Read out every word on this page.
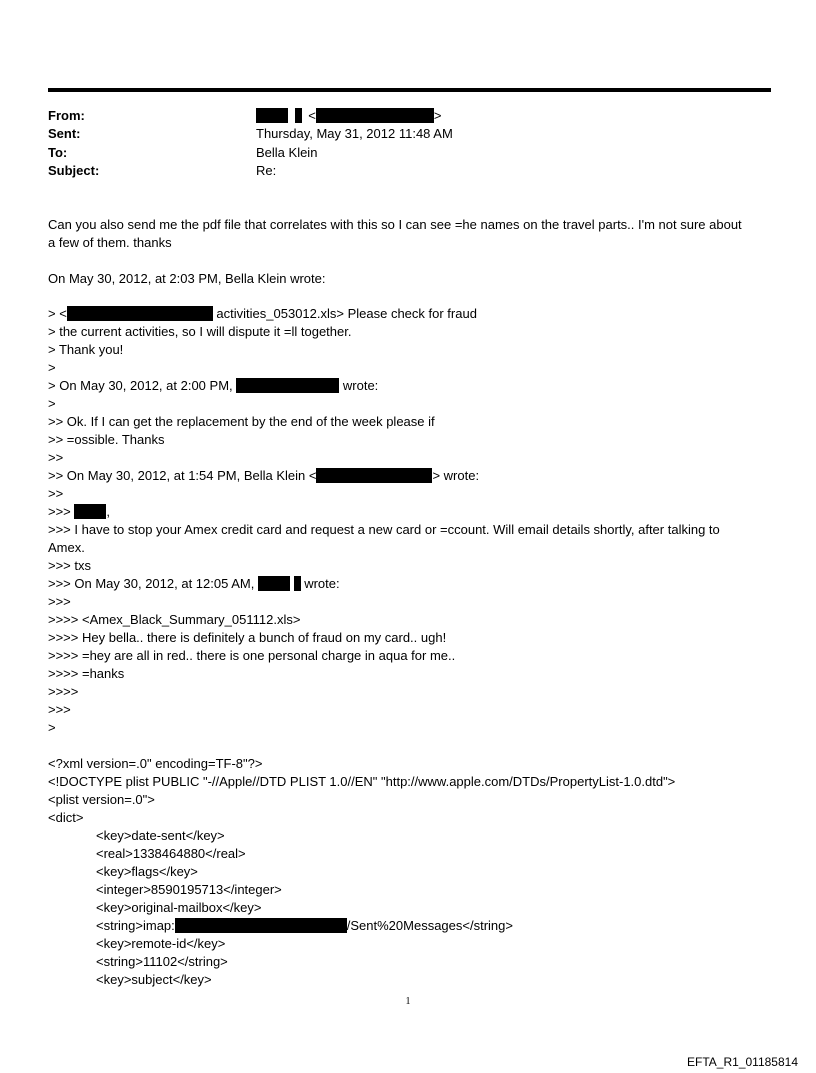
From:	<	>
Sent:	Thursday, May 31, 2012 11:48 AM
To:	Bella Klein
Subject:	Re:
Can you also send me the pdf file that correlates with this so I can see =he names on the travel parts.. I'm not sure about
a few of them. thanks
On May 30, 2012, at 2:03 PM, Bella Klein wrote:
> <	activities_053012.xls> Please check for fraud
> the current activities, so I will dispute it =ll together.
> Thank you!
>
> On May 30, 2012, at 2:00 PM,	wrote:
>
>> Ok. If I can get the replacement by the end of the week please if
>> =ossible. Thanks
>>
>> On May 30, 2012, at 1:54 PM, Bella Klein <	> wrote:
>>
>>>	,
>>> I have to stop your Amex credit card and request a new card or =ccount. Will email details shortly, after talking to
Amex.
>>> txs
>>> On May 30, 2012, at 12:05 AM,	wrote:
>>>
>>>> <Amex_Black_Summary_051112.xls>
>>>> Hey bella.. there is definitely a bunch of fraud on my card.. ugh!
>>>> =hey are all in red.. there is one personal charge in aqua for me..
>>>> =hanks
>>>>
>>>
>
<?xml version=.0" encoding=TF-8"?>
<!DOCTYPE plist PUBLIC "-//Apple//DTD PLIST 1.0//EN" "http://www.apple.com/DTDs/PropertyList-1.0.dtd">
<plist version=.0">
<dict>
<key>date-sent</key>
<real>1338464880</real>
<key>flags</key>
<integer>8590195713</integer>
<key>original-mailbox</key>
<string>imap:	/Sent%20Messages</string>
<key>remote-id</key>
<string>11102</string>
<key>subject</key>
1
EFTA_R1_01185814
